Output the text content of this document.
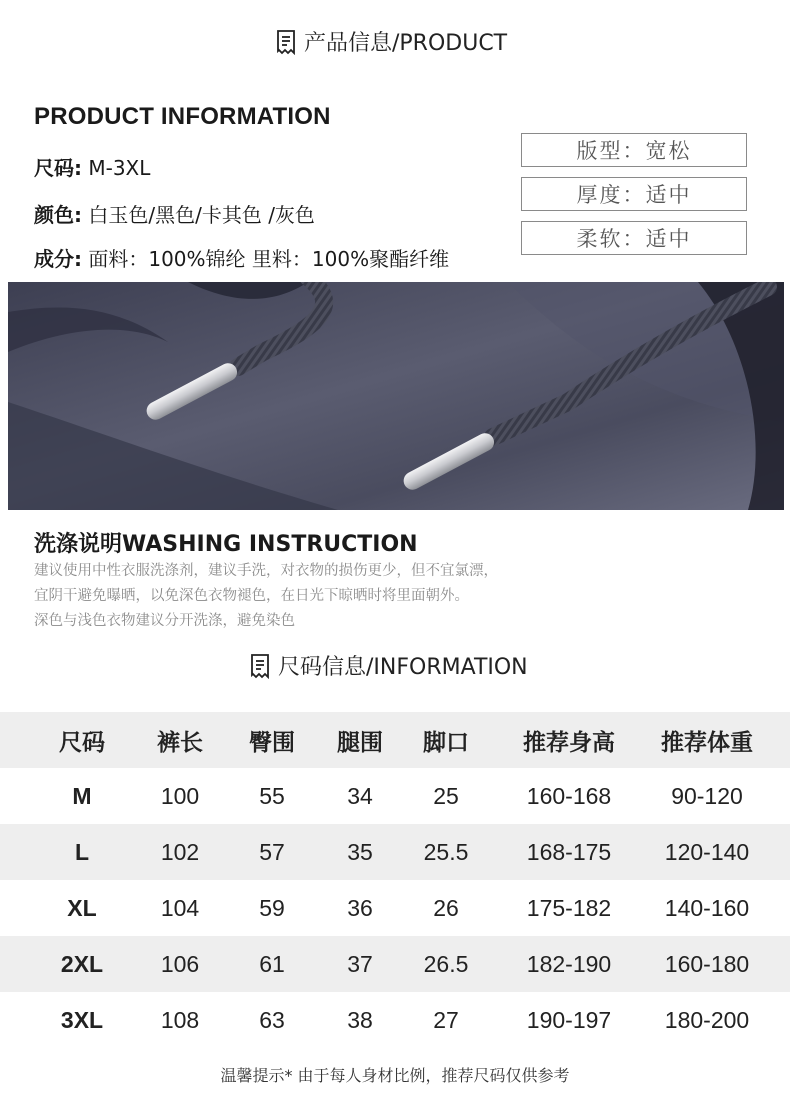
产品信息/PRODUCT
PRODUCT INFORMATION
尺码: M-3XL
颜色: 白玉色/黑色/卡其色 /灰色
成分: 面料：100%锦纶 里料：100%聚酯纤维
版型：宽松
厚度：适中
柔软：适中
洗涤说明WASHING INSTRUCTION
建议使用中性衣服洗涤剂，建议手洗，对衣物的损伤更少，但不宜氯漂，
宜阴干避免曝晒，以免深色衣物褪色，在日光下晾晒时将里面朝外。
深色与浅色衣物建议分开洗涤，避免染色
尺码信息/INFORMATION
尺码	裤长	臀围	腿围	脚口	推荐身高	推荐体重
M	100	55	34	25	160-168	90-120
L	102	57	35	25.5	168-175	120-140
XL	104	59	36	26	175-182	140-160
2XL	106	61	37	26.5	182-190	160-180
3XL	108	63	38	27	190-197	180-200
温馨提示* 由于每人身材比例，推荐尺码仅供参考
